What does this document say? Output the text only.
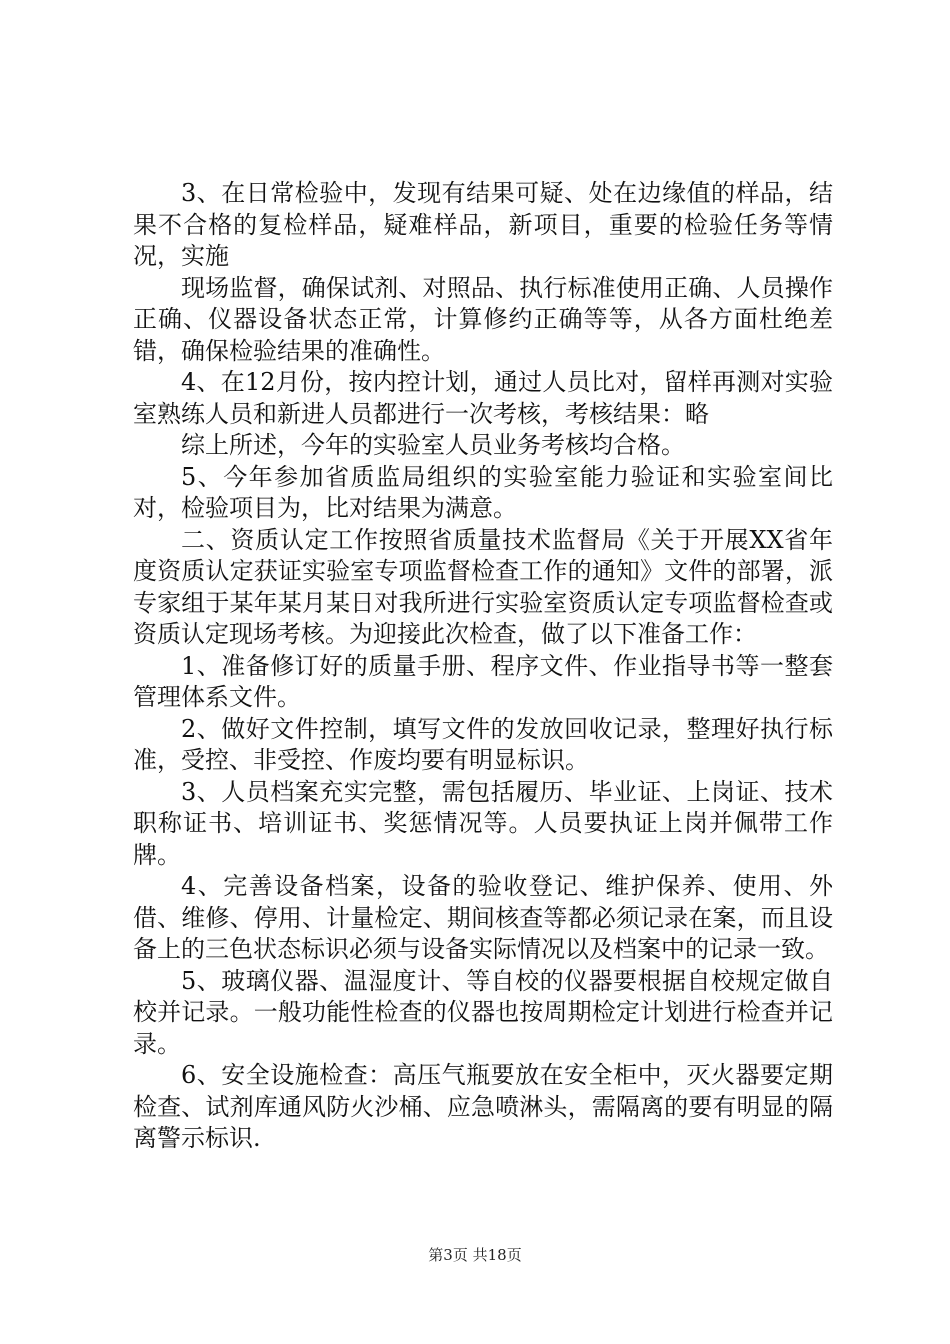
3、在日常检验中，发现有结果可疑、处在边缘值的样品，结果不合格的复检样品，疑难样品，新项目，重要的检验任务等情况，实施

现场监督，确保试剂、对照品、执行标准使用正确、人员操作正确、仪器设备状态正常，计算修约正确等等，从各方面杜绝差错，确保检验结果的准确性。

4、在12月份，按内控计划，通过人员比对，留样再测对实验室熟练人员和新进人员都进行一次考核，考核结果：略

综上所述，今年的实验室人员业务考核均合格。

5、今年参加省质监局组织的实验室能力验证和实验室间比对，检验项目为，比对结果为满意。

二、资质认定工作按照省质量技术监督局《关于开展XX省年度资质认定获证实验室专项监督检查工作的通知》文件的部署，派专家组于某年某月某日对我所进行实验室资质认定专项监督检查或资质认定现场考核。为迎接此次检查，做了以下准备工作：

1、准备修订好的质量手册、程序文件、作业指导书等一整套管理体系文件。

2、做好文件控制，填写文件的发放回收记录，整理好执行标准，受控、非受控、作废均要有明显标识。

3、人员档案充实完整，需包括履历、毕业证、上岗证、技术职称证书、培训证书、奖惩情况等。人员要执证上岗并佩带工作牌。

4、完善设备档案，设备的验收登记、维护保养、使用、外借、维修、停用、计量检定、期间核查等都必须记录在案，而且设备上的三色状态标识必须与设备实际情况以及档案中的记录一致。

5、玻璃仪器、温湿度计、等自校的仪器要根据自校规定做自校并记录。一般功能性检查的仪器也按周期检定计划进行检查并记录。

6、安全设施检查：高压气瓶要放在安全柜中，灭火器要定期检查、试剂库通风防火沙桶、应急喷淋头，需隔离的要有明显的隔离警示标识.

第3页 共18页
